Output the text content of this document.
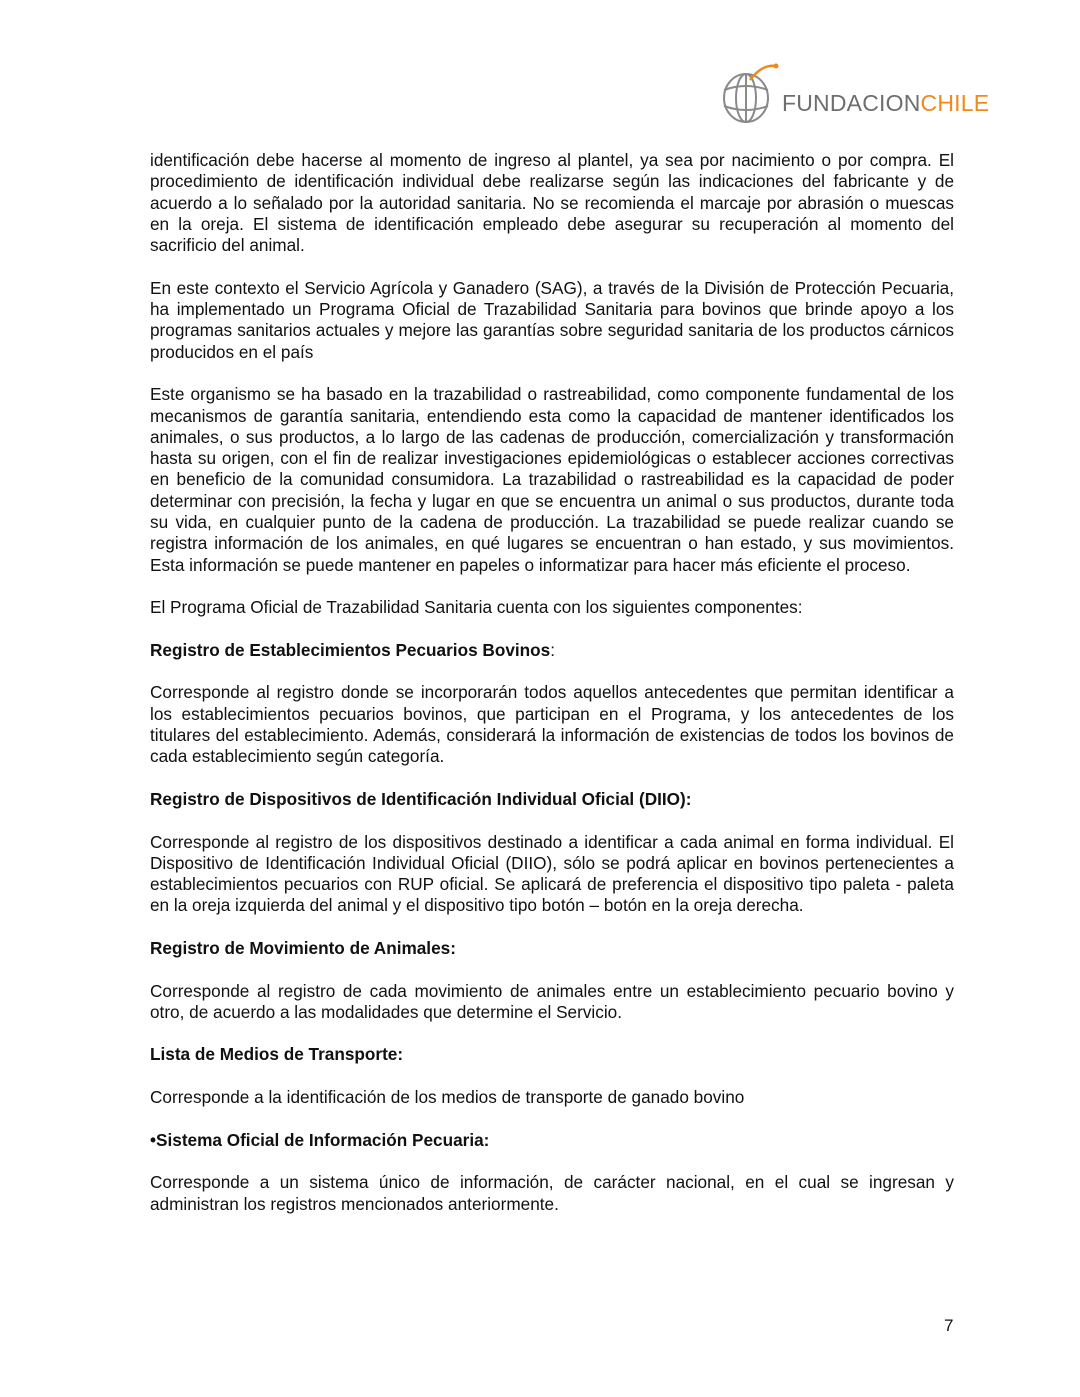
FUNDACIONCHILE

identificación debe hacerse al momento de ingreso al plantel, ya sea por nacimiento o por compra. El procedimiento de identificación individual debe realizarse según las indicaciones del fabricante y de acuerdo a lo señalado por la autoridad sanitaria. No se recomienda el marcaje por abrasión o muescas en la oreja. El sistema de identificación empleado debe asegurar su recuperación al momento del sacrificio del animal.

En este contexto el Servicio Agrícola y Ganadero (SAG), a través de la División de Protección Pecuaria, ha implementado un Programa Oficial de Trazabilidad Sanitaria para bovinos que brinde apoyo a los programas sanitarios actuales y mejore las garantías sobre seguridad sanitaria de los productos cárnicos producidos en el país

Este organismo se ha basado en la trazabilidad o rastreabilidad, como componente fundamental de los mecanismos de garantía sanitaria, entendiendo esta como la capacidad de mantener identificados los animales, o sus productos, a lo largo de las cadenas de producción, comercialización y transformación hasta su origen, con el fin de realizar investigaciones epidemiológicas o establecer acciones correctivas en beneficio de la comunidad consumidora. La trazabilidad o rastreabilidad es la capacidad de poder determinar con precisión, la fecha y lugar en que se encuentra un animal o sus productos, durante toda su vida, en cualquier punto de la cadena de producción. La trazabilidad se puede realizar cuando se registra información de los animales, en qué lugares se encuentran o han estado, y sus movimientos. Esta información se puede mantener en papeles o informatizar para hacer más eficiente el proceso.

El Programa Oficial de Trazabilidad Sanitaria cuenta con los siguientes componentes:

Registro de Establecimientos Pecuarios Bovinos:

Corresponde al registro donde se incorporarán todos aquellos antecedentes que permitan identificar a los establecimientos pecuarios bovinos, que participan en el Programa, y los antecedentes de los titulares del establecimiento. Además, considerará la información de existencias de todos los bovinos de cada establecimiento según categoría.

Registro de Dispositivos de Identificación Individual Oficial (DIIO):

Corresponde al registro de los dispositivos destinado a identificar a cada animal en forma individual. El Dispositivo de Identificación Individual Oficial (DIIO), sólo se podrá aplicar en bovinos pertenecientes a establecimientos pecuarios con RUP oficial. Se aplicará de preferencia el dispositivo tipo paleta - paleta en la oreja izquierda del animal y el dispositivo tipo botón – botón en la oreja derecha.

Registro de Movimiento de Animales:

Corresponde al registro de cada movimiento de animales entre un establecimiento pecuario bovino y otro, de acuerdo a las modalidades que determine el Servicio.

Lista de Medios de Transporte:

Corresponde a la identificación de los medios de transporte de ganado bovino

•Sistema Oficial de Información Pecuaria:

Corresponde a un sistema único de información, de carácter nacional, en el cual se ingresan y administran los registros mencionados anteriormente.

7
